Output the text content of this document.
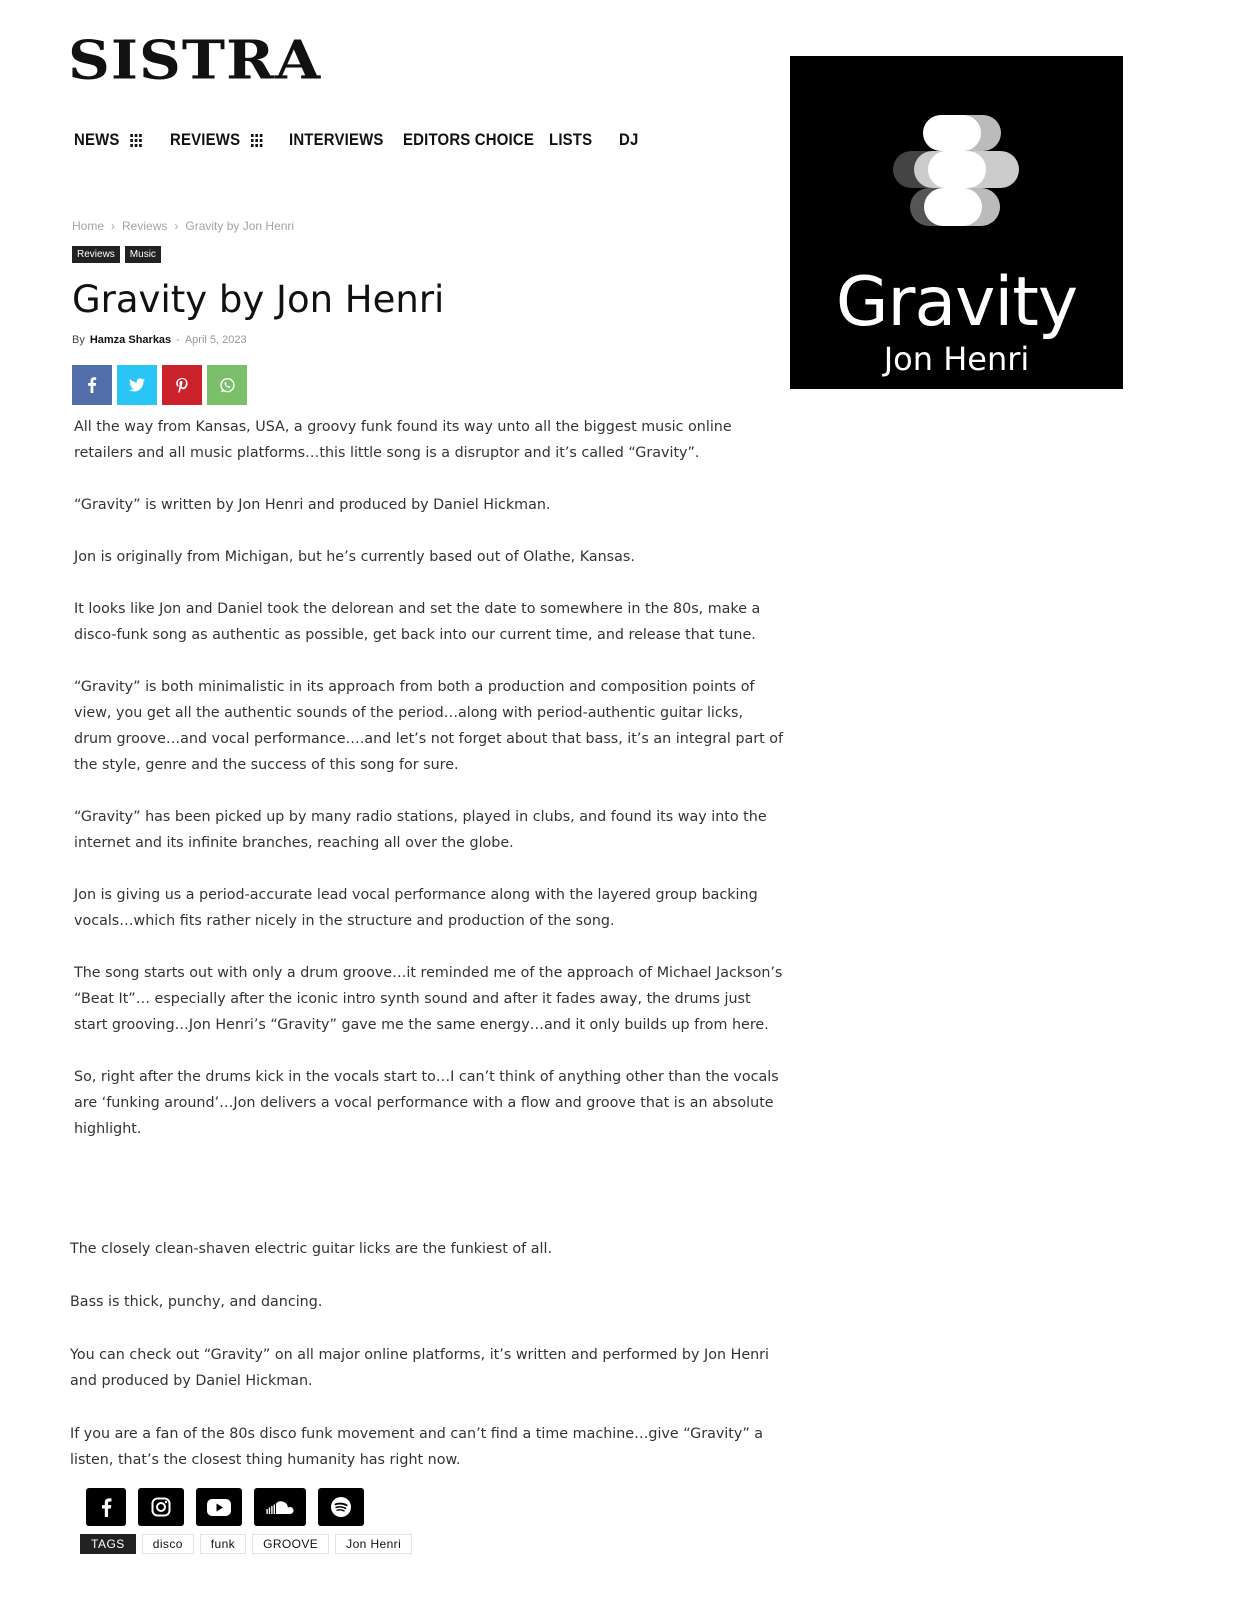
SISTRA
NEWS	REVIEWS	INTERVIEWS EDITORS CHOICE LISTS DJ
Home › Reviews › Gravity by Jon Henri
Reviews	Music
Gravity by Jon Henri
By Hamza Sharkas - April 5, 2023

All the way from Kansas, USA, a groovy funk found its way unto all the biggest music online retailers and all music platforms…this little song is a disruptor and it’s called “Gravity”.

“Gravity” is written by Jon Henri and produced by Daniel Hickman.

Jon is originally from Michigan, but he’s currently based out of Olathe, Kansas.

It looks like Jon and Daniel took the delorean and set the date to somewhere in the 80s, make a disco-funk song as authentic as possible, get back into our current time, and release that tune.

“Gravity” is both minimalistic in its approach from both a production and composition points of view, you get all the authentic sounds of the period…along with period-authentic guitar licks, drum groove…and vocal performance….and let’s not forget about that bass, it’s an integral part of the style, genre and the success of this song for sure.

“Gravity” has been picked up by many radio stations, played in clubs, and found its way into the internet and its infinite branches, reaching all over the globe.

Jon is giving us a period-accurate lead vocal performance along with the layered group backing vocals…which fits rather nicely in the structure and production of the song.

The song starts out with only a drum groove…it reminded me of the approach of Michael Jackson’s “Beat It”… especially after the iconic intro synth sound and after it fades away, the drums just start grooving…Jon Henri’s “Gravity” gave me the same energy…and it only builds up from here.

So, right after the drums kick in the vocals start to…I can’t think of anything other than the vocals are ‘funking around’…Jon delivers a vocal performance with a flow and groove that is an absolute highlight.

The closely clean-shaven electric guitar licks are the funkiest of all.

Bass is thick, punchy, and dancing.

You can check out “Gravity” on all major online platforms, it’s written and performed by Jon Henri and produced by Daniel Hickman.

If you are a fan of the 80s disco funk movement and can’t find a time machine…give “Gravity” a listen, that’s the closest thing humanity has right now.

TAGS	disco	funk	GROOVE	Jon Henri
Gravity
Jon Henri
